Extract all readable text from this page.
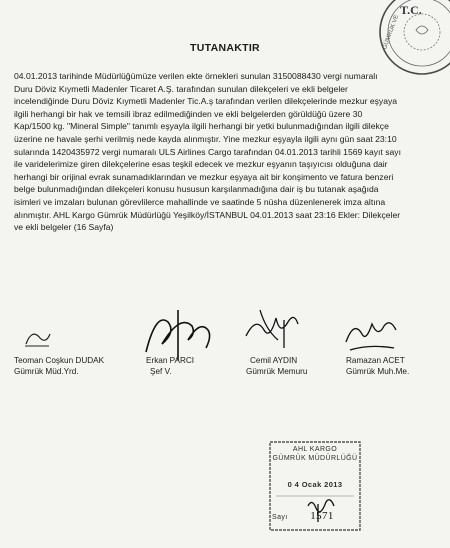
T.C.
GÜMRÜK VE
TUTANAKTIR
04.01.2013 tarihinde Müdürlüğümüze verilen ekte örnekleri sunulan 3150088430 vergi numaralı
Duru Döviz Kıymetli Madenler Ticaret A.Ş. tarafından sunulan dilekçeleri ve ekli belgeler
incelendiğinde Duru Döviz Kıymetli Madenler Tic.A.ş tarafından verilen dilekçelerinde mezkur eşyaya
ilgili herhangi bir hak ve temsili ibraz edilmediğinden ve ekli belgelerden görüldüğü üzere 30
Kap/1500 kg. "Mineral Simple" tanımlı eşyayla ilgili herhangi bir yetki bulunmadığından ilgili dilekçe
üzerine ne havale şerhi verilmiş nede kayda alınmıştır. Yine mezkur eşyayla ilgili aynı gün saat 23:10
sularında 1420435972 vergi numaralı ULS Airlines Cargo tarafından 04.01.2013 tarihli 1569 kayıt sayı
ile varidelerimize giren dilekçelerine esas teşkil edecek ve mezkur eşyanın taşıyıcısı olduğuna dair
herhangi bir orijinal evrak sunamadıklarından ve mezkur eşyaya ait bir konşimento ve fatura benzeri
belge bulunmadığından dilekçeleri konusu hususun karşılanmadığına dair iş bu tutanak aşağıda
isimleri ve imzaları bulunan görevlilerce mahallinde ve saatinde 5 nüsha düzenlenerek imza altına
alınmıştır. AHL Kargo Gümrük Müdürlüğü Yeşilköy/İSTANBUL 04.01.2013 saat 23:16 Ekler: Dilekçeler
ve ekli belgeler (16 Sayfa)
Teoman Coşkun DUDAK
Gümrük Müd.Yrd.
Erkan PARCI
Şef V.
Cemil AYDIN
Gümrük Memuru
Ramazan ACET
Gümrük Muh.Me.
AHL KARGO
GÜMRÜK MÜDÜRLÜĞÜ
0 4 Ocak 2013
Sayı	1571
